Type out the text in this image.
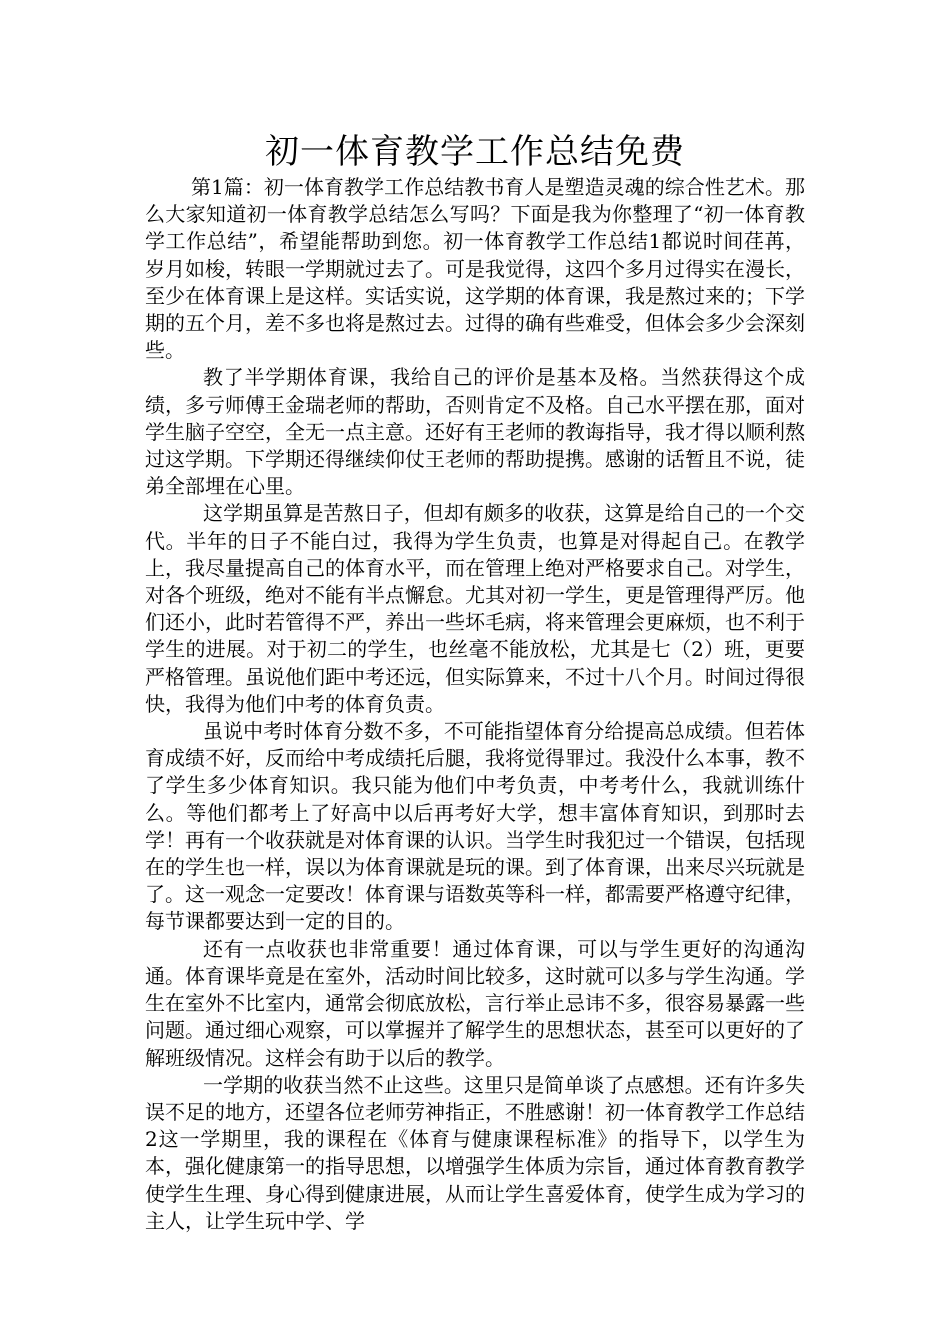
初一体育教学工作总结免费

第1篇：初一体育教学工作总结教书育人是塑造灵魂的综合性艺术。那么大家知道初一体育教学总结怎么写吗？下面是我为你整理了“初一体育教学工作总结”，希望能帮助到您。初一体育教学工作总结1都说时间荏苒，岁月如梭，转眼一学期就过去了。可是我觉得，这四个多月过得实在漫长，至少在体育课上是这样。实话实说，这学期的体育课，我是熬过来的；下学期的五个月，差不多也将是熬过去。过得的确有些难受，但体会多少会深刻些。

教了半学期体育课，我给自己的评价是基本及格。当然获得这个成绩，多亏师傅王金瑞老师的帮助，否则肯定不及格。自己水平摆在那，面对学生脑子空空，全无一点主意。还好有王老师的教诲指导，我才得以顺利熬过这学期。下学期还得继续仰仗王老师的帮助提携。感谢的话暂且不说，徒弟全部埋在心里。

这学期虽算是苦熬日子，但却有颇多的收获，这算是给自己的一个交代。半年的日子不能白过，我得为学生负责，也算是对得起自己。在教学上，我尽量提高自己的体育水平，而在管理上绝对严格要求自己。对学生，对各个班级，绝对不能有半点懈怠。尤其对初一学生，更是管理得严厉。他们还小，此时若管得不严，养出一些坏毛病，将来管理会更麻烦，也不利于学生的进展。对于初二的学生，也丝毫不能放松，尤其是七（2）班，更要严格管理。虽说他们距中考还远，但实际算来，不过十八个月。时间过得很快，我得为他们中考的体育负责。

虽说中考时体育分数不多，不可能指望体育分给提高总成绩。但若体育成绩不好，反而给中考成绩托后腿，我将觉得罪过。我没什么本事，教不了学生多少体育知识。我只能为他们中考负责，中考考什么，我就训练什么。等他们都考上了好高中以后再考好大学，想丰富体育知识，到那时去学！再有一个收获就是对体育课的认识。当学生时我犯过一个错误，包括现在的学生也一样，误以为体育课就是玩的课。到了体育课，出来尽兴玩就是了。这一观念一定要改！体育课与语数英等科一样，都需要严格遵守纪律，每节课都要达到一定的目的。

还有一点收获也非常重要！通过体育课，可以与学生更好的沟通沟通。体育课毕竟是在室外，活动时间比较多，这时就可以多与学生沟通。学生在室外不比室内，通常会彻底放松，言行举止忌讳不多，很容易暴露一些问题。通过细心观察，可以掌握并了解学生的思想状态，甚至可以更好的了解班级情况。这样会有助于以后的教学。

一学期的收获当然不止这些。这里只是简单谈了点感想。还有许多失误不足的地方，还望各位老师劳神指正，不胜感谢！初一体育教学工作总结2这一学期里，我的课程在《体育与健康课程标准》的指导下，以学生为本，强化健康第一的指导思想，以增强学生体质为宗旨，通过体育教育教学使学生生理、身心得到健康进展，从而让学生喜爱体育，使学生成为学习的主人，让学生玩中学、学
